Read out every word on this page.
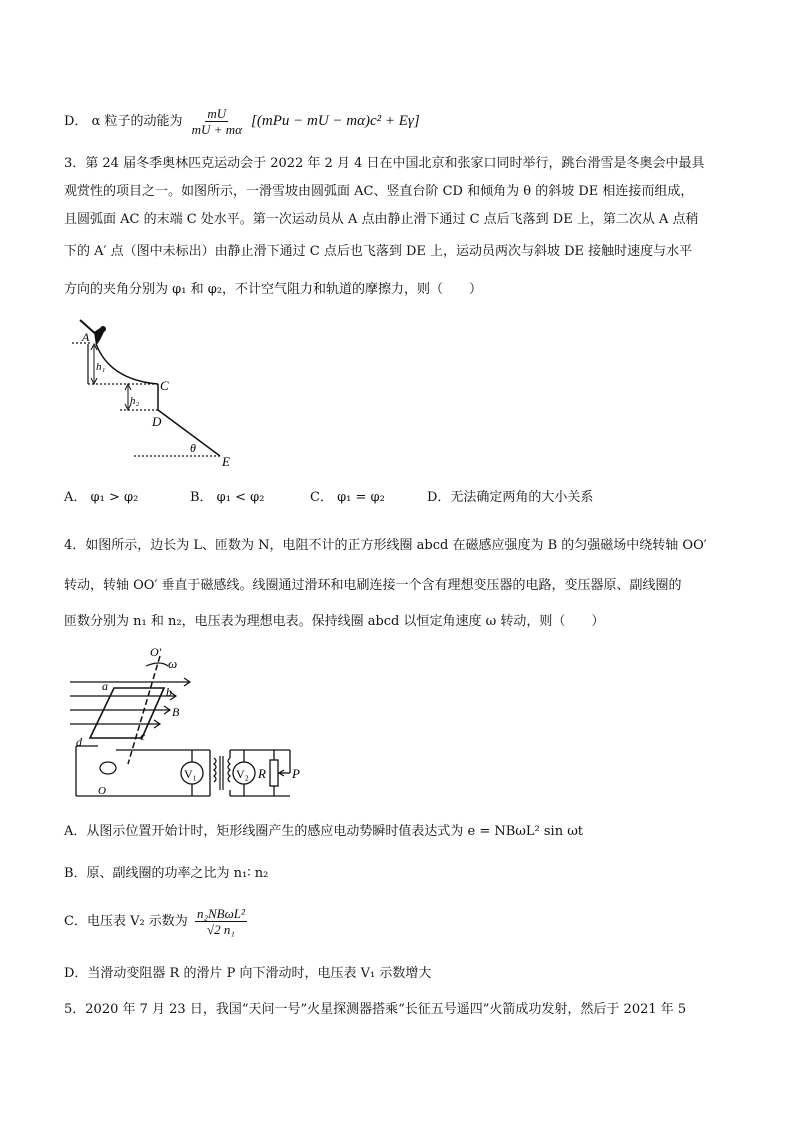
D． α 粒子的动能为 $\frac{mU}{mU + m\alpha} [(mPu$ − mU − mα)c² + Eγ]
3．第 24 届冬季奥林匹克运动会于 2022 年 2 月 4 日在中国北京和张家口同时举行，跳台滑雪是冬奥会中最具
观赏性的项目之一。如图所示，一滑雪坡由圆弧面 AC、竖直台阶 CD 和倾角为 θ 的斜坡 DE 相连接而组成，
且圆弧面 AC 的末端 C 处水平。第一次运动员从 A 点由静止滑下通过 C 点后飞落到 DE 上，第二次从 A 点稍
下的 A′ 点（图中未标出）由静止滑下通过 C 点后也飞落到 DE 上，运动员两次与斜坡 DE 接触时速度与水平
方向的夹角分别为 φ₁ 和 φ₂，不计空气阻力和轨道的摩擦力，则（　　）
A
h₁
h₂
C
D
θ
E
A． φ₁ > φ₂	B． φ₁ < φ₂	C． φ₁ = φ₂	D．无法确定两角的大小关系
4．如图所示，边长为 L、匝数为 N，电阻不计的正方形线圈 abcd 在磁感应强度为 B 的匀强磁场中绕转轴 OO′
转动，转轴 OO′ 垂直于磁感线。线圈通过滑环和电刷连接一个含有理想变压器的电路，变压器原、副线圈的
匝数分别为 n₁ 和 n₂，电压表为理想电表。保持线圈 abcd 以恒定角速度 ω 转动，则（　　）
O′
ω
a	b
B
c
d
O
V₁	V₂ R P
A．从图示位置开始计时，矩形线圈产生的感应电动势瞬时值表达式为 e = NBωL² sin ωt
B．原、副线圈的功率之比为 n₁∶ n₂
C．电压表 V₂ 示数为 $\frac{\text{n₂NBωL²}}{\text{√2 n₁}}$
D．当滑动变阻器 R 的滑片 P 向下滑动时，电压表 V₁ 示数增大
5．2020 年 7 月 23 日，我国“天问一号”火星探测器搭乘“长征五号遥四”火箭成功发射，然后于 2021 年 5
